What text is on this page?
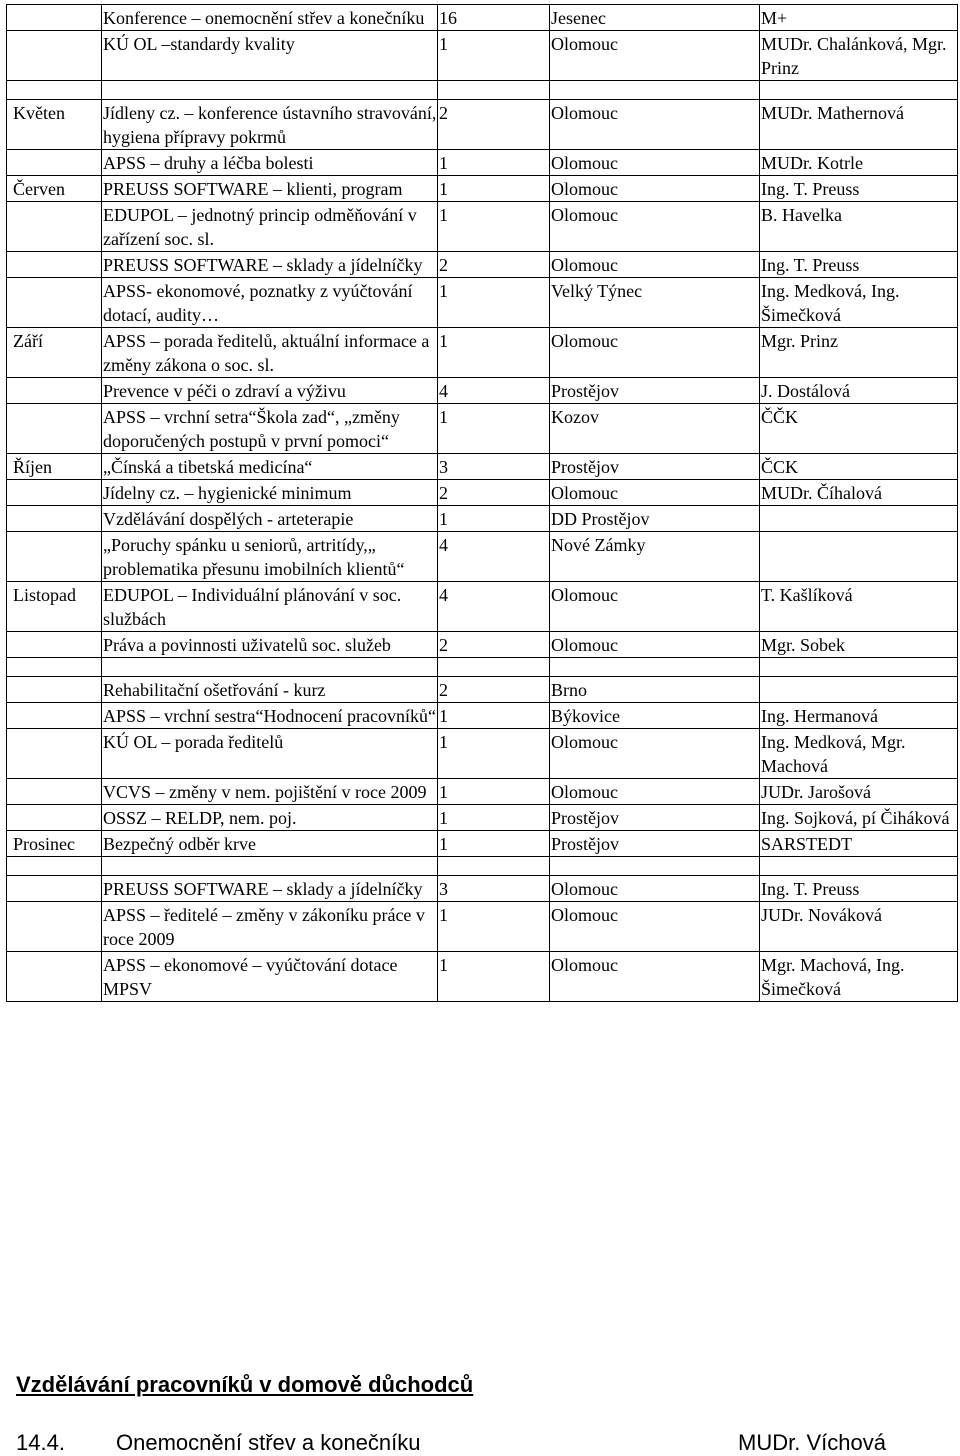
	Konference – onemocnění střev a konečníku	16	Jesenec	M+
	KÚ OL –standardy kvality	1	Olomouc	MUDr. Chalánková, Mgr. Prinz

Květen	Jídleny cz. – konference ústavního stravování, hygiena přípravy pokrmů	2	Olomouc	MUDr. Mathernová
	APSS – druhy a léčba bolesti	1	Olomouc	MUDr. Kotrle
Červen	PREUSS SOFTWARE – klienti, program	1	Olomouc	Ing. T. Preuss
	EDUPOL – jednotný princip odměňování v zařízení soc. sl.	1	Olomouc	B. Havelka
	PREUSS SOFTWARE – sklady a jídelníčky	2	Olomouc	Ing. T. Preuss
	APSS- ekonomové, poznatky z vyúčtování dotací, audity…	1	Velký Týnec	Ing. Medková, Ing. Šimečková
Září	APSS – porada ředitelů, aktuální informace a změny zákona o soc. sl.	1	Olomouc	Mgr. Prinz
	Prevence v péči o zdraví a výživu	4	Prostějov	J. Dostálová
	APSS – vrchní setra“Škola zad“, „změny doporučených postupů v první pomoci“	1	Kozov	ČČK
Říjen	„Čínská a tibetská medicína“	3	Prostějov	ČCK
	Jídelny cz. – hygienické minimum	2	Olomouc	MUDr. Číhalová
	Vzdělávání dospělých - arteterapie	1	DD Prostějov	
	„Poruchy spánku u seniorů, artritídy,„ problematika přesunu imobilních klientů“	4	Nové Zámky	
Listopad	EDUPOL – Individuální plánování v soc. službách	4	Olomouc	T. Kašlíková
	Práva a povinnosti uživatelů soc. služeb	2	Olomouc	Mgr. Sobek

	Rehabilitační ošetřování - kurz	2	Brno	
	APSS – vrchní sestra“Hodnocení pracovníků“	1	Býkovice	Ing. Hermanová
	KÚ OL – porada ředitelů	1	Olomouc	Ing. Medková, Mgr. Machová
	VCVS – změny v nem. pojištění v roce 2009	1	Olomouc	JUDr. Jarošová
	OSSZ – RELDP, nem. poj.	1	Prostějov	Ing. Sojková, pí Čiháková
Prosinec	Bezpečný odběr krve	1	Prostějov	SARSTEDT

	PREUSS SOFTWARE – sklady a jídelníčky	3	Olomouc	Ing. T. Preuss
	APSS – ředitelé – změny v zákoníku práce v roce 2009	1	Olomouc	JUDr. Nováková
	APSS – ekonomové – vyúčtování dotace MPSV	1	Olomouc	Mgr. Machová, Ing. Šimečková
Vzdělávání pracovníků v domově důchodců
14.4. Onemocnění střev a konečníku	MUDr. Víchová
